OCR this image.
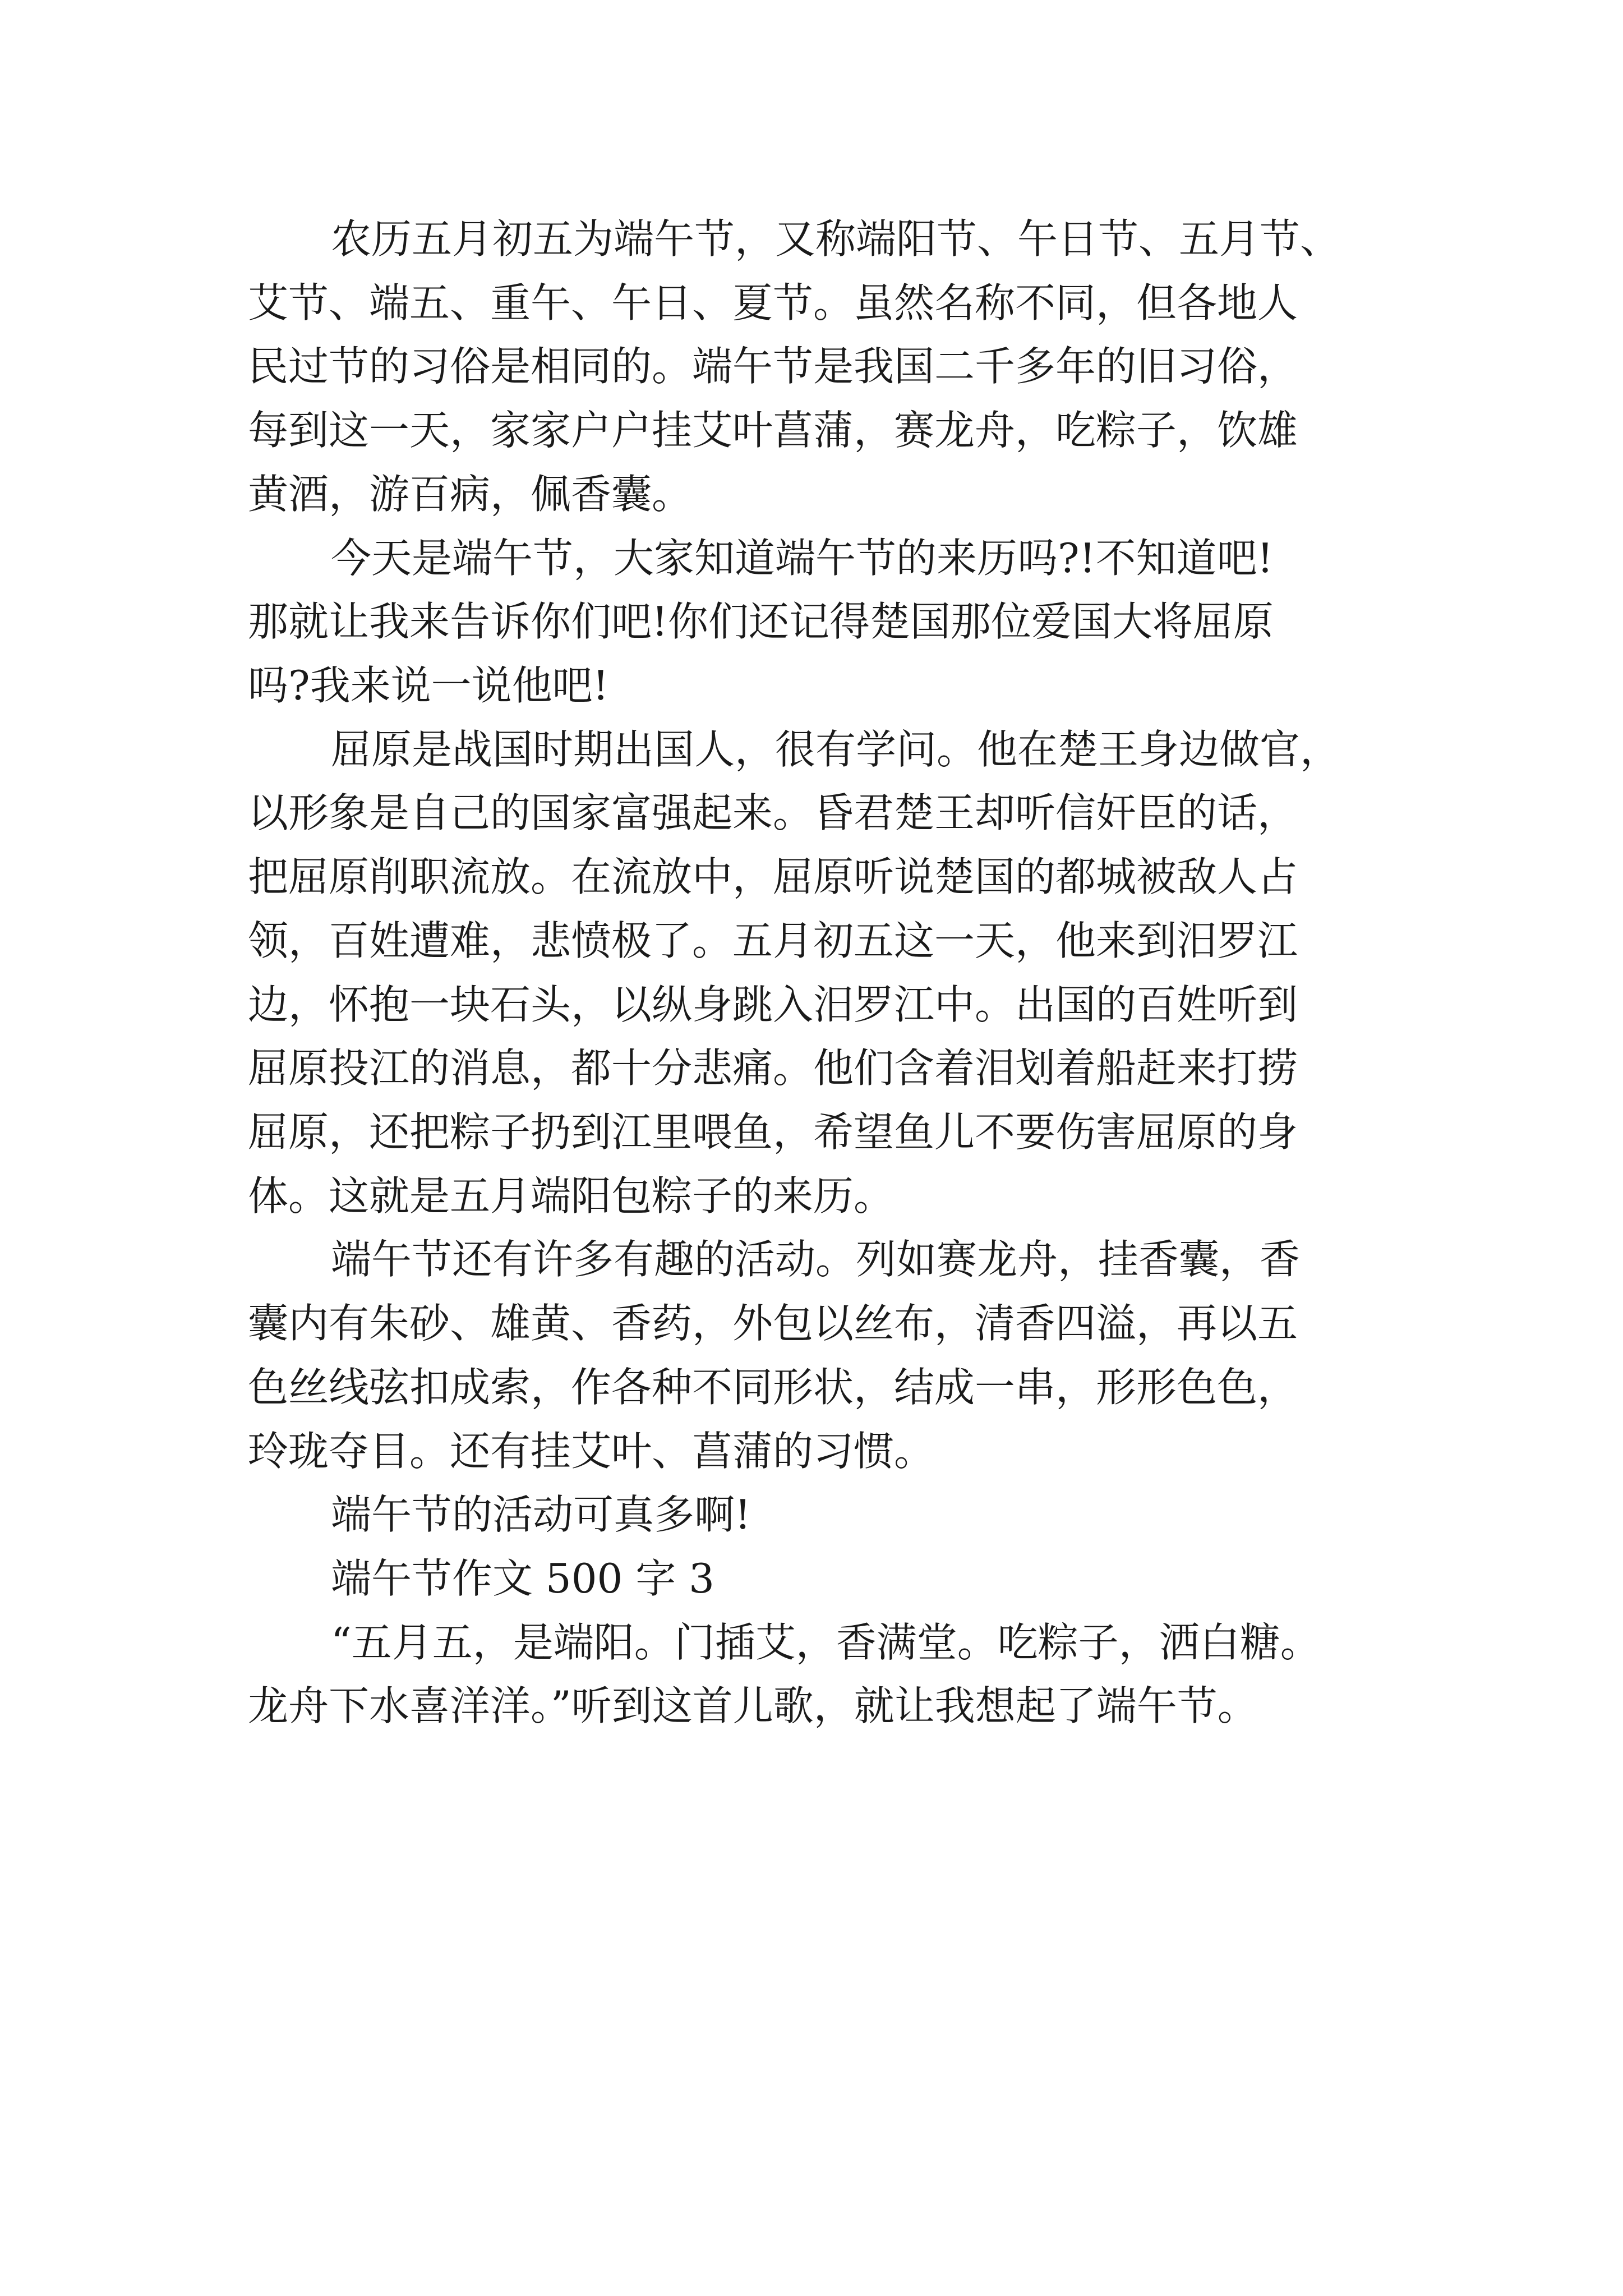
农历五月初五为端午节，又称端阳节、午日节、五月节、

艾节、端五、重午、午日、夏节。虽然名称不同，但各地人

民过节的习俗是相同的。端午节是我国二千多年的旧习俗，

每到这一天，家家户户挂艾叶菖蒲，赛龙舟，吃粽子，饮雄

黄酒，游百病，佩香囊。

今天是端午节，大家知道端午节的来历吗?!不知道吧!

那就让我来告诉你们吧!你们还记得楚国那位爱国大将屈原

吗?我来说一说他吧!

屈原是战国时期出国人，很有学问。他在楚王身边做官，

以形象是自己的国家富强起来。昏君楚王却听信奸臣的话，

把屈原削职流放。在流放中，屈原听说楚国的都城被敌人占

领，百姓遭难，悲愤极了。五月初五这一天，他来到汨罗江

边，怀抱一块石头，以纵身跳入汨罗江中。出国的百姓听到

屈原投江的消息，都十分悲痛。他们含着泪划着船赶来打捞

屈原，还把粽子扔到江里喂鱼，希望鱼儿不要伤害屈原的身

体。这就是五月端阳包粽子的来历。

端午节还有许多有趣的活动。列如赛龙舟，挂香囊，香

囊内有朱砂、雄黄、香药，外包以丝布，清香四溢，再以五

色丝线弦扣成索，作各种不同形状，结成一串，形形色色，

玲珑夺目。还有挂艾叶、菖蒲的习惯。

端午节的活动可真多啊!

端午节作文 500 字 3

“五月五，是端阳。门插艾，香满堂。吃粽子，洒白糖。

龙舟下水喜洋洋。”听到这首儿歌，就让我想起了端午节。
